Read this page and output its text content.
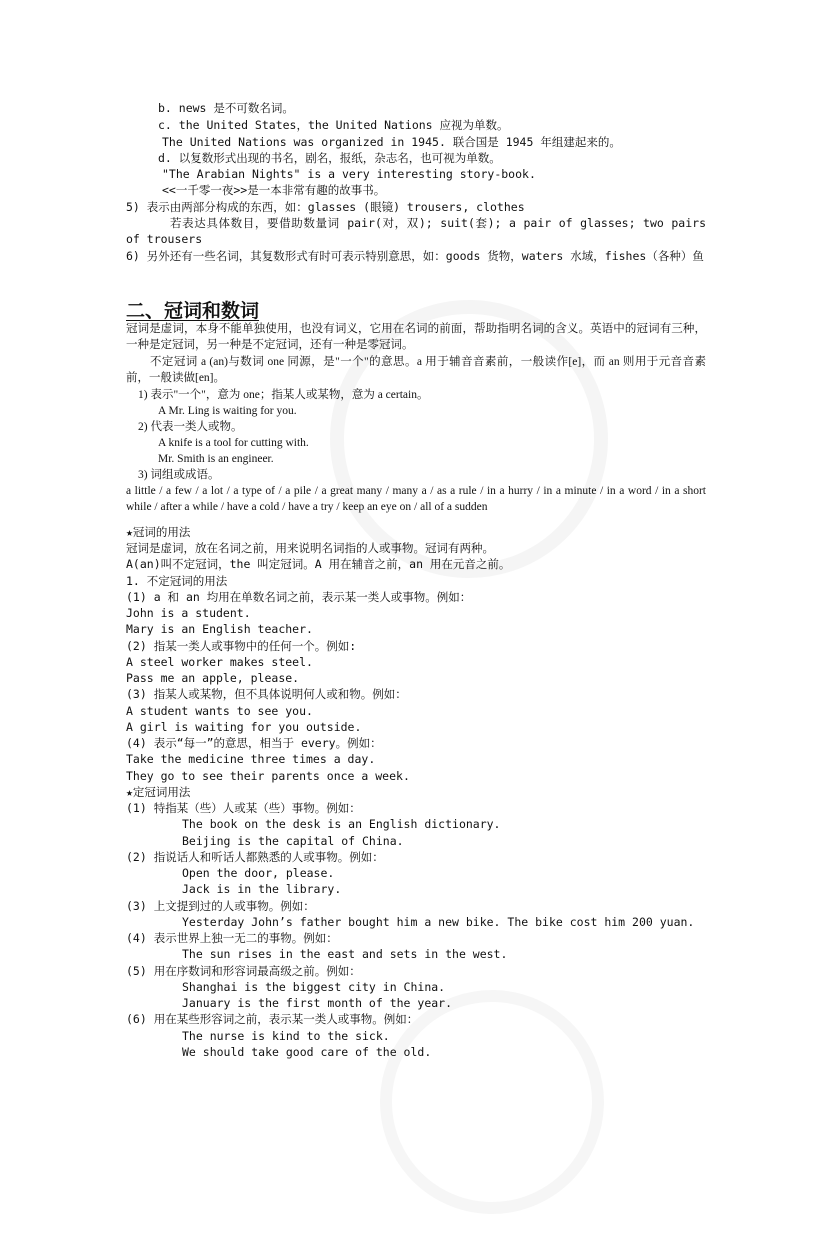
b. news 是不可数名词。
c. the United States，the United Nations 应视为单数。
The United Nations was organized in 1945. 联合国是 1945 年组建起来的。
d. 以复数形式出现的书名，剧名，报纸，杂志名，也可视为单数。
"The Arabian Nights" is a very interesting story-book.
<<一千零一夜>>是一本非常有趣的故事书。
5) 表示由两部分构成的东西，如：glasses (眼镜) trousers, clothes
若表达具体数目，要借助数量词 pair(对，双); suit(套); a pair of glasses; two pairs of trousers
6) 另外还有一些名词，其复数形式有时可表示特别意思，如：goods 货物，waters 水域，fishes（各种）鱼
二、冠词和数词
冠词是虚词，本身不能单独使用，也没有词义，它用在名词的前面，帮助指明名词的含义。英语中的冠词有三种，一种是定冠词，另一种是不定冠词，还有一种是零冠词。
不定冠词 a (an)与数词 one 同源，是"一个"的意思。a 用于辅音音素前，一般读作[e]，而 an 则用于元音音素前，一般读做[en]。
1) 表示"一个"，意为 one；指某人或某物，意为 a certain。
A Mr. Ling is waiting for you.
2) 代表一类人或物。
A knife is a tool for cutting with.
Mr. Smith is an engineer.
3) 词组或成语。
a little / a few / a lot / a type of / a pile / a great many / many a / as a rule / in a hurry / in a minute / in a word / in a short while / after a while / have a cold / have a try / keep an eye on / all of a sudden
★冠词的用法
冠词是虚词，放在名词之前，用来说明名词指的人或事物。冠词有两种。
A(an)叫不定冠词，the 叫定冠词。A 用在辅音之前，an 用在元音之前。
1. 不定冠词的用法
(1) a 和 an 均用在单数名词之前，表示某一类人或事物。例如：
John is a student.
Mary is an English teacher.
(2) 指某一类人或事物中的任何一个。例如:
A steel worker makes steel.
Pass me an apple, please.
(3) 指某人或某物，但不具体说明何人或和物。例如：
A student wants to see you.
A girl is waiting for you outside.
(4) 表示“每一”的意思，相当于 every。例如：
Take the medicine three times a day.
They go to see their parents once a week.
★定冠词用法
(1) 特指某（些）人或某（些）事物。例如：
The book on the desk is an English dictionary.
Beijing is the capital of China.
(2) 指说话人和听话人都熟悉的人或事物。例如：
Open the door, please.
Jack is in the library.
(3) 上文提到过的人或事物。例如：
Yesterday John’s father bought him a new bike. The bike cost him 200 yuan.
(4) 表示世界上独一无二的事物。例如：
The sun rises in the east and sets in the west.
(5) 用在序数词和形容词最高级之前。例如：
Shanghai is the biggest city in China.
January is the first month of the year.
(6) 用在某些形容词之前，表示某一类人或事物。例如：
The nurse is kind to the sick.
We should take good care of the old.
